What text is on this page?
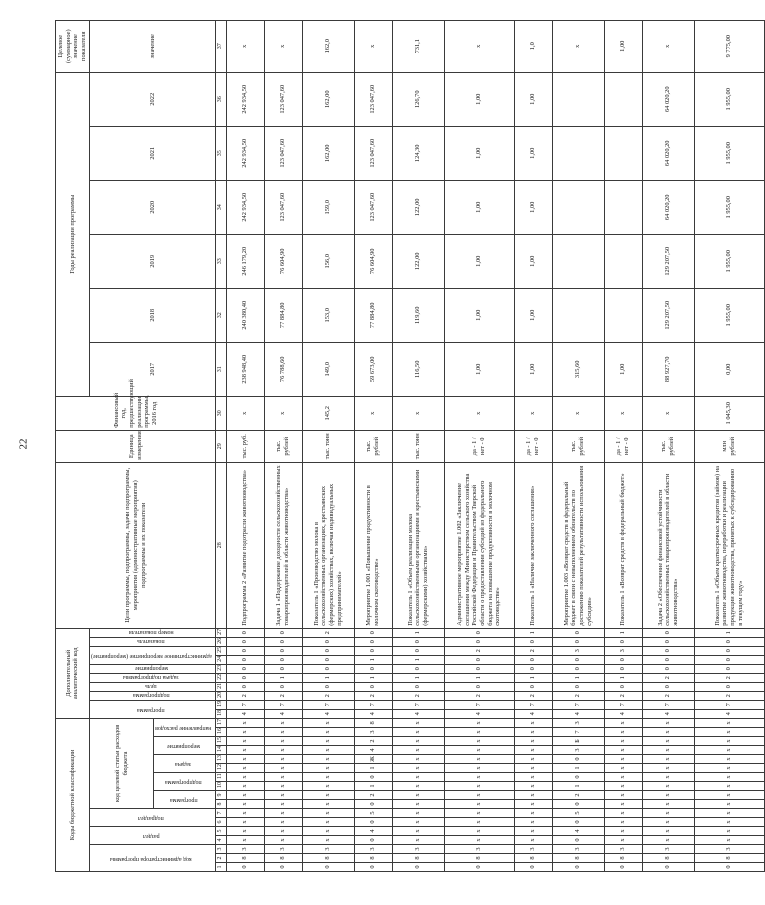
22
Коды бюджетной классификации																	Дополнительный аналитический код										Цели программы, подпрограммы, задачи подпрограммы, мероприятия (административные мероприятия) подпрограммы и их показатели	Единица измерения	Финансовый год, предшествующий реализации программы, 2016 год	Годы реализации программы						Целевое (суммарное) значение показателя
код администратора программы			раздел		подраздел		код целевой статьи расходов бюджета										программа		подпрограмма	цель	задача подпрограммы	мероприятие	административное мероприятие (мероприятие)		показатель	номер показателя				2017	2018	2019	2020	2021	2022	значение
							программа		подпрограмма		задача		мероприятие		направление расходов																					
1	2	3	4	5	6	7	8	9	10	11	12	13	14	15	16	17	18	19	20	21	22	23	24	25	26	27	28	29	30	31	32	33	34	35	36	37
0	8	3	х	х	х	х	х	х	х	х	х	х	х	х	х	х	4	7	2	0	0	0	0	0	0	0	Подпрограмма 2 «Развитие подотрасли животноводства»	тыс. руб.	х	238 948,40	240 380,40	246 179,20	242 934,50	242 934,50	242 934,50	х
0	8	3	х	х	х	х	х	х	х	х	х	х	х	х	х	х	4	7	2	0	1	0	0	0	0	0	Задача 1 «Поддержание доходности сельскохозяйственных товаропроизводителей в области животноводства»	тыс. рублей	х	76 788,60	77 884,80	76 604,90	123 047,60	123 047,60	123 047,60	х
0	8	3	х	х	х	х	х	х	х	х	х	х	х	х	х	х	4	7	2	0	1	0	0	0	0	2	Показатель 1 «Производство молока в сельскохозяйственных организациях, крестьянских (фермерских) хозяйствах, включая индивидуальных предпринимателей»	тыс. тонн	145,2	149,0	153,0	156,0	159,0	162,00	162,00	162,0
0	8	3	0	4	0	5	0	2	1	0	1	Ж	4	2	3	8	4	7	2	0	1	0	1	0	0	0	Мероприятие 1.001 «Повышение продуктивности в молочном скотоводстве»	тыс. рублей	х	59 673,00	77 884,80	76 604,90	123 047,60	123 047,60	123 047,60	х
0	8	3	х	х	х	х	х	х	х	х	х	х	х	х	х	х	4	7	2	0	1	0	1	0	0	1	Показатель 1 «Объем реализации молока сельскохозяйственными организациями и крестьянскими (фермерскими) хозяйствами»	тыс. тонн	х	116,50	119,60	122,00	122,00	124,30	126,70	731,1
0	8	3	х	х	х	х	х	х	х	х	х	х	х	х	х	х	4	7	2	0	1	0	0	2	0	0	Административное мероприятие 1.002 «Заключение соглашения между Министерством сельского хозяйства Российской Федерации и Правительством Тверской области о предоставлении субсидий из федерального бюджета на повышение продуктивности в молочном скотоводстве»	да - 1 / нет - 0	х	1,00	1,00	1,00	1,00	1,00	1,00	х
0	8	3	х	х	х	х	х	х	х	х	х	х	х	х	х	х	4	7	2	0	1	0	0	2	0	1	Показатель 1 «Наличие заключенного соглашения»	да - 1 / нет - 0	х	1,00	1,00	1,00	1,00	1,00	1,00	1,0
0	8	3	0	4	0	5	0	2	1	0	1	0	3	Б	7	3	4	7	2	0	1	0	0	3	0	0	Мероприятие 1.003 «Возврат средств в федеральный бюджет в связи с невыполнением обязательств по достижению показателей результативности использования субсидии»	тыс. рублей	х	315,60						х
0	8	3	х	х	х	х	х	х	х	х	х	х	х	х	х	х	4	7	2	0	1	0	0	3	0	1	Показатель 1 «Возврат средств в федеральный бюджет»	да - 1 / нет - 0	х	1,00						1,00
0	8	3	х	х	х	х	х	х	х	х	х	х	х	х	х	х	4	7	2	0	2	0	0	0	0	0	Задача 2 «Обеспечение финансовой устойчивости сельскохозяйственных товаропроизводителей в области животноводства»	тыс. рублей	х	88 927,70	129 207,50	129 207,50	64 020,20	64 020,20	64 020,20	х
0	8	3	х	х	х	х	х	х	х	х	х	х	х	х	х	х	4	7	2	0	2	0	0	0	0	1	Показатель 1 «Объем краткосрочных кредитов (займов) на развитие животноводства, переработки и реализации продукции животноводства, принятых к субсидированию в текущем году»	млн рублей	1 045,30	0,00	1 955,00	1 955,00	1 955,00	1 955,00	1 955,00	9 775,00
